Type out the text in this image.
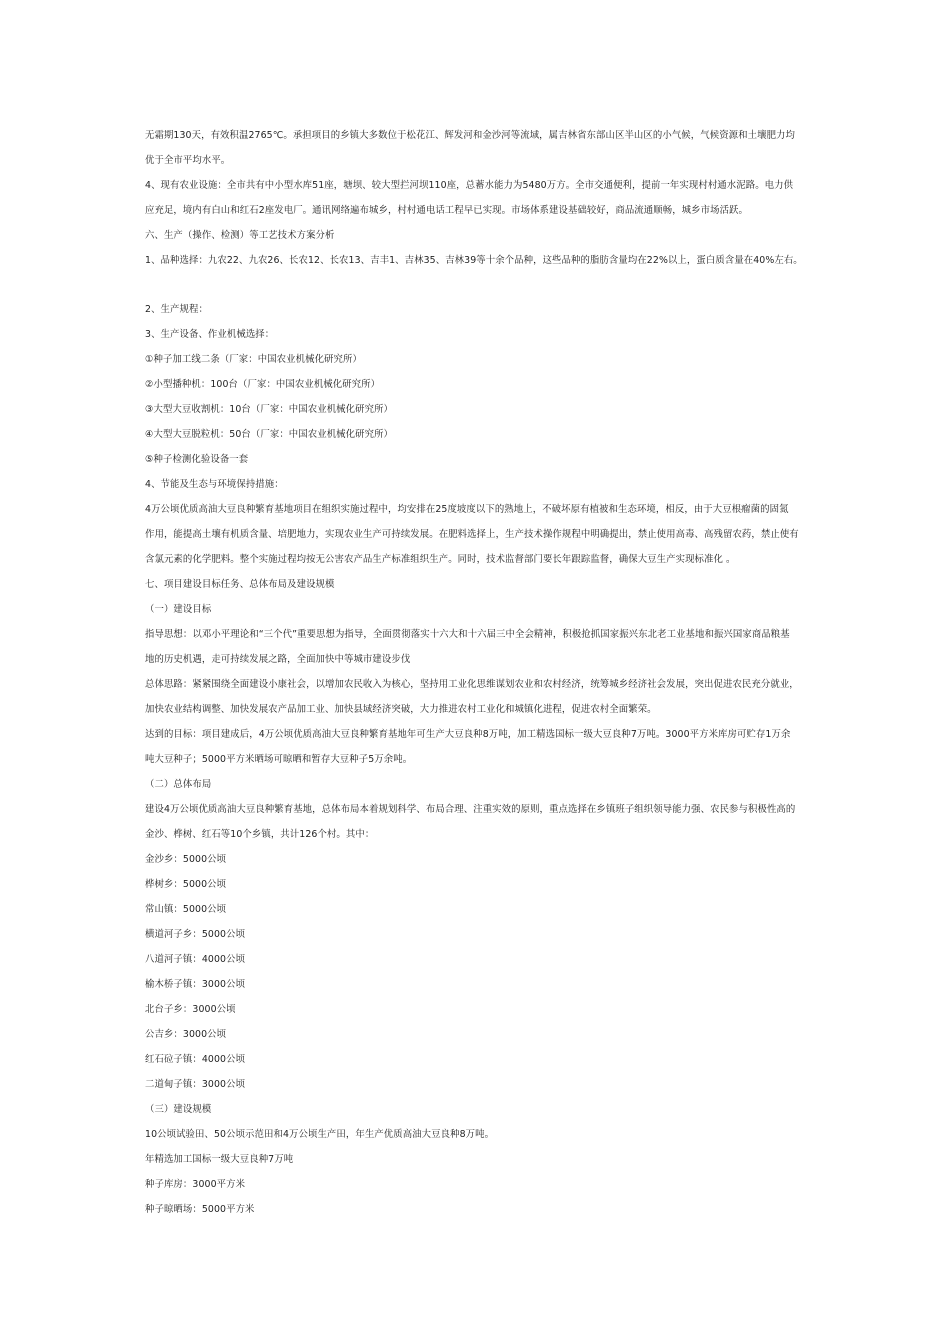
无霜期130天，有效积温2765℃。承担项目的乡镇大多数位于松花江、辉发河和金沙河等流域，属吉林省东部山区半山区的小气候，气候资源和土壤肥力均
优于全市平均水平。
4、现有农业设施：全市共有中小型水库51座，塘坝、较大型拦河坝110座，总蓄水能力为5480万方。全市交通便利，提前一年实现村村通水泥路。电力供
应充足，境内有白山和红石2座发电厂。通讯网络遍布城乡，村村通电话工程早已实现。市场体系建设基础较好，商品流通顺畅，城乡市场活跃。
六、生产（操作、检测）等工艺技术方案分析
1、品种选择：九农22、九农26、长农12、长农13、吉丰1、吉林35、吉林39等十余个品种，这些品种的脂肪含量均在22%以上，蛋白质含量在40%左右。
2、生产规程：
3、生产设备、作业机械选择：
①种子加工线二条（厂家：中国农业机械化研究所）
②小型播种机：100台（厂家：中国农业机械化研究所）
③大型大豆收割机：10台（厂家：中国农业机械化研究所）
④大型大豆脱粒机：50台（厂家：中国农业机械化研究所）
⑤种子检测化验设备一套
4、节能及生态与环境保持措施：
4万公顷优质高油大豆良种繁育基地项目在组织实施过程中，均安排在25度坡度以下的熟地上，不破坏原有植被和生态环境，相反，由于大豆根瘤菌的固氮
作用，能提高土壤有机质含量、培肥地力，实现农业生产可持续发展。在肥料选择上，生产技术操作规程中明确提出，禁止使用高毒、高残留农药，禁止使有
含氯元素的化学肥料。整个实施过程均按无公害农产品生产标准组织生产。同时，技术监督部门要长年跟踪监督，确保大豆生产实现标准化 。
七、项目建设目标任务、总体布局及建设规模
（一）建设目标
指导思想：以邓小平理论和“三个代”重要思想为指导，全面贯彻落实十六大和十六届三中全会精神，积极抢抓国家振兴东北老工业基地和振兴国家商品粮基
地的历史机遇，走可持续发展之路，全面加快中等城市建设步伐
总体思路：紧紧围绕全面建设小康社会，以增加农民收入为核心，坚持用工业化思维谋划农业和农村经济，统筹城乡经济社会发展，突出促进农民充分就业，
加快农业结构调整、加快发展农产品加工业、加快县域经济突破，大力推进农村工业化和城镇化进程，促进农村全面繁荣。
达到的目标：项目建成后，4万公顷优质高油大豆良种繁育基地年可生产大豆良种8万吨，加工精选国标一级大豆良种7万吨。3000平方米库房可贮存1万余
吨大豆种子；5000平方米晒场可晾晒和暂存大豆种子5万余吨。
（二）总体布局
建设4万公顷优质高油大豆良种繁育基地，总体布局本着规划科学、布局合理、注重实效的原则，重点选择在乡镇班子组织领导能力强、农民参与积极性高的
金沙、桦树、红石等10个乡镇，共计126个村。其中：
金沙乡：5000公顷
桦树乡：5000公顷
常山镇：5000公顷
横道河子乡：5000公顷
八道河子镇：4000公顷
榆木桥子镇：3000公顷
北台子乡：3000公顷
公吉乡：3000公顷
红石砬子镇：4000公顷
二道甸子镇：3000公顷
（三）建设规模
10公顷试验田、50公顷示范田和4万公顷生产田，年生产优质高油大豆良种8万吨。
年精选加工国标一级大豆良种7万吨
种子库房：3000平方米
种子晾晒场：5000平方米
